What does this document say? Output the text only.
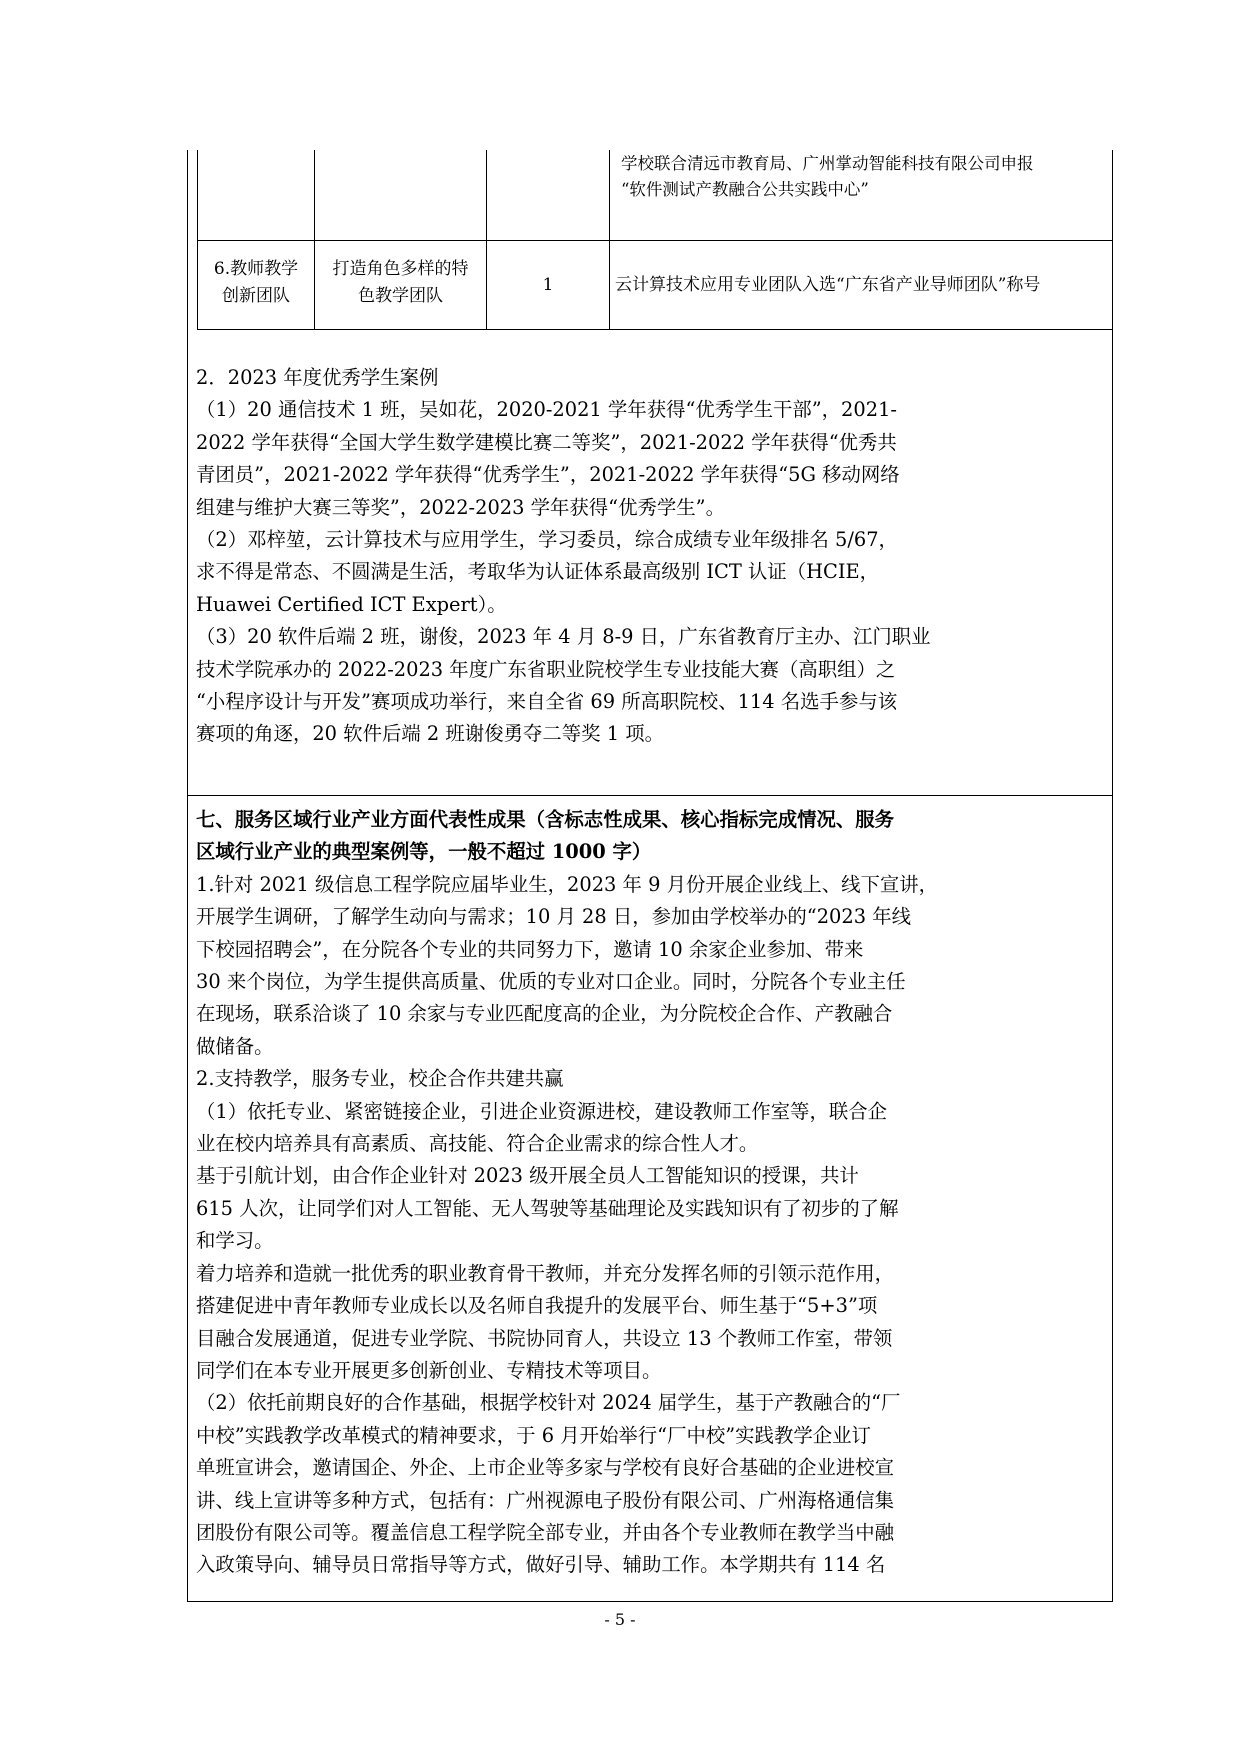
学校联合清远市教育局、广州掌动智能科技有限公司申报
“软件测试产教融合公共实践中心”
6.教师教学
创新团队
打造角色多样的特
色教学团队
1	云计算技术应用专业团队入选“广东省产业导师团队”称号

2．2023 年度优秀学生案例

（1）20 通信技术 1 班，吴如花，2020-2021 学年获得“优秀学生干部”，2021-

2022 学年获得“全国大学生数学建模比赛二等奖”，2021-2022 学年获得“优秀共

青团员”，2021-2022 学年获得“优秀学生”，2021-2022 学年获得“5G 移动网络

组建与维护大赛三等奖”，2022-2023 学年获得“优秀学生”。

（2）邓梓堃，云计算技术与应用学生，学习委员，综合成绩专业年级排名 5/67，

求不得是常态、不圆满是生活，考取华为认证体系最高级别 ICT 认证（HCIE，

Huawei Certified ICT Expert）。

（3）20 软件后端 2 班，谢俊，2023 年 4 月 8-9 日，广东省教育厅主办、江门职业

技术学院承办的 2022-2023 年度广东省职业院校学生专业技能大赛（高职组）之

“小程序设计与开发”赛项成功举行，来自全省 69 所高职院校、114 名选手参与该

赛项的角逐，20 软件后端 2 班谢俊勇夺二等奖 1 项。

七、服务区域行业产业方面代表性成果（含标志性成果、核心指标完成情况、服务

区域行业产业的典型案例等，一般不超过 1000 字）

1.针对 2021 级信息工程学院应届毕业生，2023 年 9 月份开展企业线上、线下宣讲，

开展学生调研，了解学生动向与需求；10 月 28 日，参加由学校举办的“2023 年线

下校园招聘会”，在分院各个专业的共同努力下，邀请 10 余家企业参加、带来

30 来个岗位，为学生提供高质量、优质的专业对口企业。同时，分院各个专业主任

在现场，联系洽谈了 10 余家与专业匹配度高的企业，为分院校企合作、产教融合

做储备。

2.支持教学，服务专业，校企合作共建共赢

（1）依托专业、紧密链接企业，引进企业资源进校，建设教师工作室等，联合企

业在校内培养具有高素质、高技能、符合企业需求的综合性人才。

基于引航计划，由合作企业针对 2023 级开展全员人工智能知识的授课，共计

615 人次，让同学们对人工智能、无人驾驶等基础理论及实践知识有了初步的了解

和学习。

着力培养和造就一批优秀的职业教育骨干教师，并充分发挥名师的引领示范作用，

搭建促进中青年教师专业成长以及名师自我提升的发展平台、师生基于“5+3”项

目融合发展通道，促进专业学院、书院协同育人，共设立 13 个教师工作室，带领

同学们在本专业开展更多创新创业、专精技术等项目。

（2）依托前期良好的合作基础，根据学校针对 2024 届学生，基于产教融合的“厂

中校”实践教学改革模式的精神要求，于 6 月开始举行“厂中校”实践教学企业订

单班宣讲会，邀请国企、外企、上市企业等多家与学校有良好合基础的企业进校宣

讲、线上宣讲等多种方式，包括有：广州视源电子股份有限公司、广州海格通信集

团股份有限公司等。覆盖信息工程学院全部专业，并由各个专业教师在教学当中融

入政策导向、辅导员日常指导等方式，做好引导、辅助工作。本学期共有 114 名

- 5 -
